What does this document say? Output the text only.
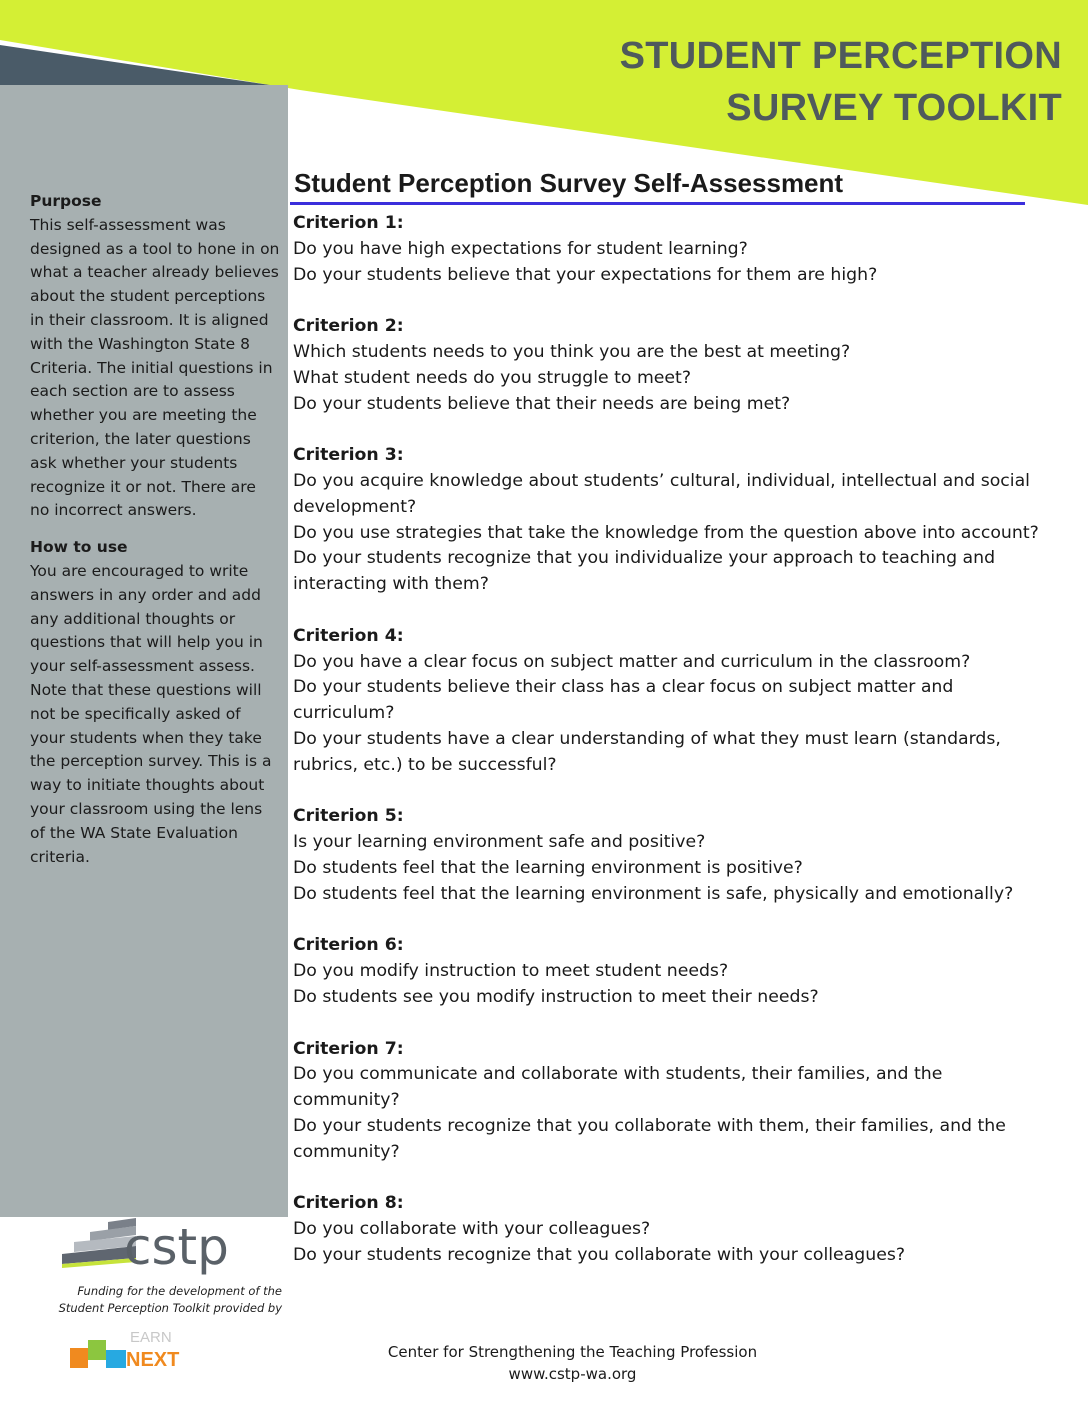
STUDENT PERCEPTION
SURVEY TOOLKIT
Purpose

This self-assessment was designed as a tool to hone in on what a teacher already believes about the student perceptions in their classroom. It is aligned with the Washington State 8 Criteria. The initial questions in each section are to assess whether you are meeting the criterion, the later questions ask whether your students recognize it or not. There are no incorrect answers.

How to use

You are encouraged to write answers in any order and add any additional thoughts or questions that will help you in your self-assessment assess. Note that these questions will not be specifically asked of your students when they take the perception survey. This is a way to initiate thoughts about your classroom using the lens of the WA State Evaluation criteria.

Student Perception Survey Self-Assessment
Criterion 1:
Do you have high expectations for student learning?
Do your students believe that your expectations for them are high?
Criterion 2:
Which students needs to you think you are the best at meeting?
What student needs do you struggle to meet?
Do your students believe that their needs are being met?
Criterion 3:
Do you acquire knowledge about students’ cultural, individual, intellectual and social development?
Do you use strategies that take the knowledge from the question above into account?
Do your students recognize that you individualize your approach to teaching and interacting with them?
Criterion 4:
Do you have a clear focus on subject matter and curriculum in the classroom?
Do your students believe their class has a clear focus on subject matter and curriculum?
Do your students have a clear understanding of what they must learn (standards, rubrics, etc.) to be successful?
Criterion 5:
Is your learning environment safe and positive?
Do students feel that the learning environment is positive?
Do students feel that the learning environment is safe, physically and emotionally?
Criterion 6:
Do you modify instruction to meet student needs?
Do students see you modify instruction to meet their needs?
Criterion 7:
Do you communicate and collaborate with students, their families, and the community?
Do your students recognize that you collaborate with them, their families, and the community?
Criterion 8:
Do you collaborate with your colleagues?
Do your students recognize that you collaborate with your colleagues?
cstp
Funding for the development of the
Student Perception Toolkit provided by
EARN
NEXT	Center for Strengthening the Teaching Profession
www.cstp-wa.org
